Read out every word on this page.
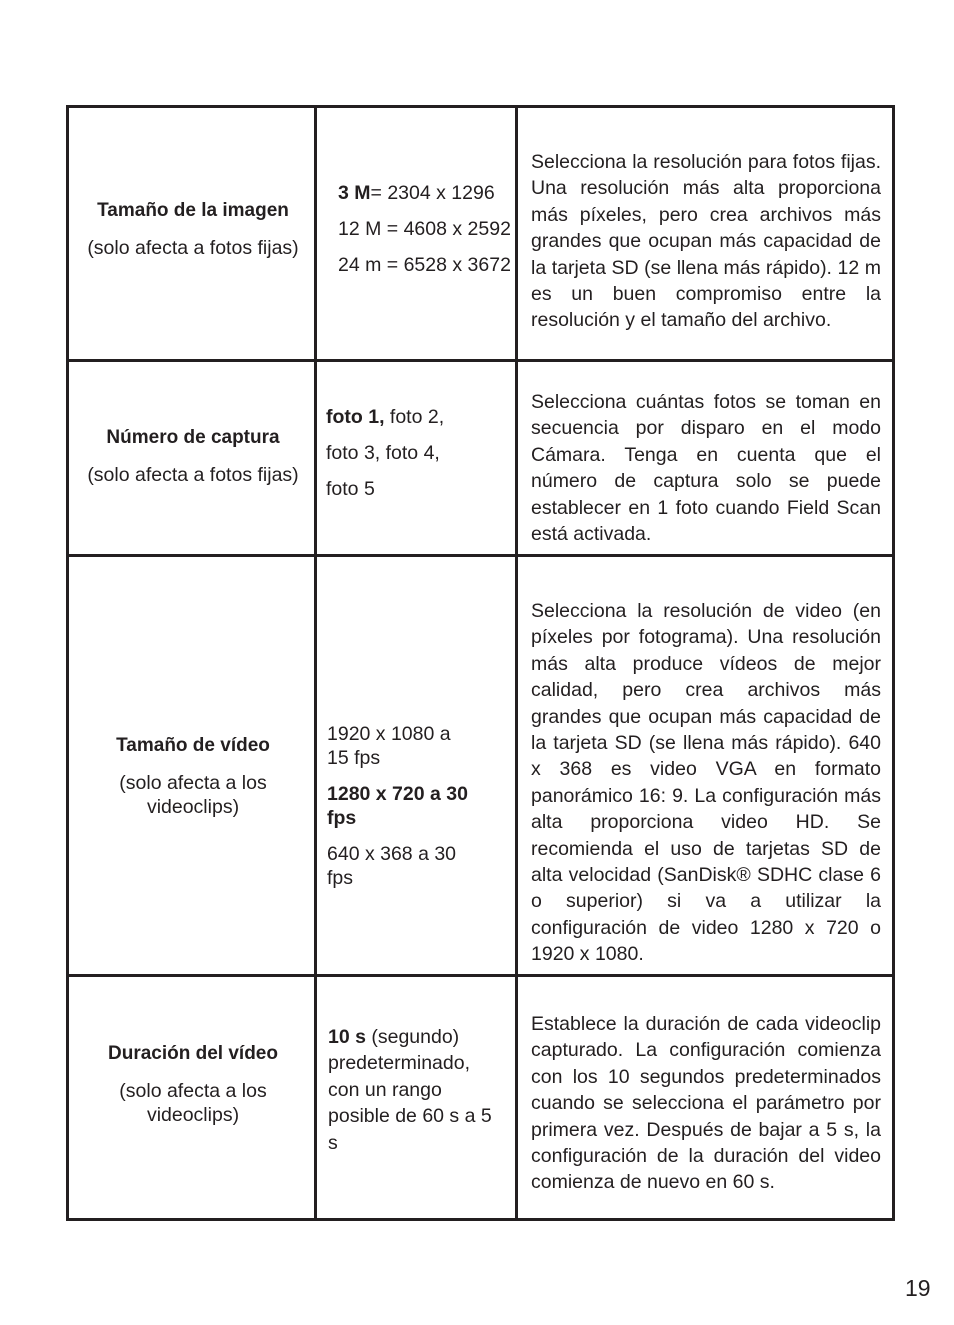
Tamaño de la imagen
(solo afecta a fotos fijas)

3 M= 2304 x 1296

12 M = 4608 x 2592

24 m = 6528 x 3672

Selecciona la resolución para fotos fijas. Una resolución más alta proporciona más píxeles, pero crea archivos más grandes que ocupan más capacidad de la tarjeta SD (se llena más rápido). 12 m es un buen compromiso entre la resolución y el tamaño del archivo.
Número de captura
(solo afecta a fotos fijas)

foto 1, foto 2,

foto 3, foto 4,

foto 5

Selecciona cuántas fotos se toman en secuencia por disparo en el modo Cámara. Tenga en cuenta que el número de captura solo se puede establecer en 1 foto cuando Field Scan está activada.
Tamaño de vídeo
(solo afecta a los videoclips)

1920 x 1080 a 15 fps

1280 x 720 a 30 fps

640 x 368 a 30 fps

Selecciona la resolución de video (en píxeles por fotograma). Una resolución más alta produce vídeos de mejor calidad, pero crea archivos más grandes que ocupan más capacidad de la tarjeta SD (se llena más rápido). 640 x 368 es video VGA en formato panorámico 16: 9. La configuración más alta proporciona video HD. Se recomienda el uso de tarjetas SD de alta velocidad (SanDisk® SDHC clase 6 o superior) si va a utilizar la configuración de video 1280 x 720 o 1920 x 1080.
Duración del vídeo
(solo afecta a los videoclips)

10 s (segundo) predeterminado, con un rango posible de 60 s a 5 s

Establece la duración de cada videoclip capturado. La configuración comienza con los 10 segundos predeterminados cuando se selecciona el parámetro por primera vez. Después de bajar a 5 s, la configuración de la duración del video comienza de nuevo en 60 s.
19
